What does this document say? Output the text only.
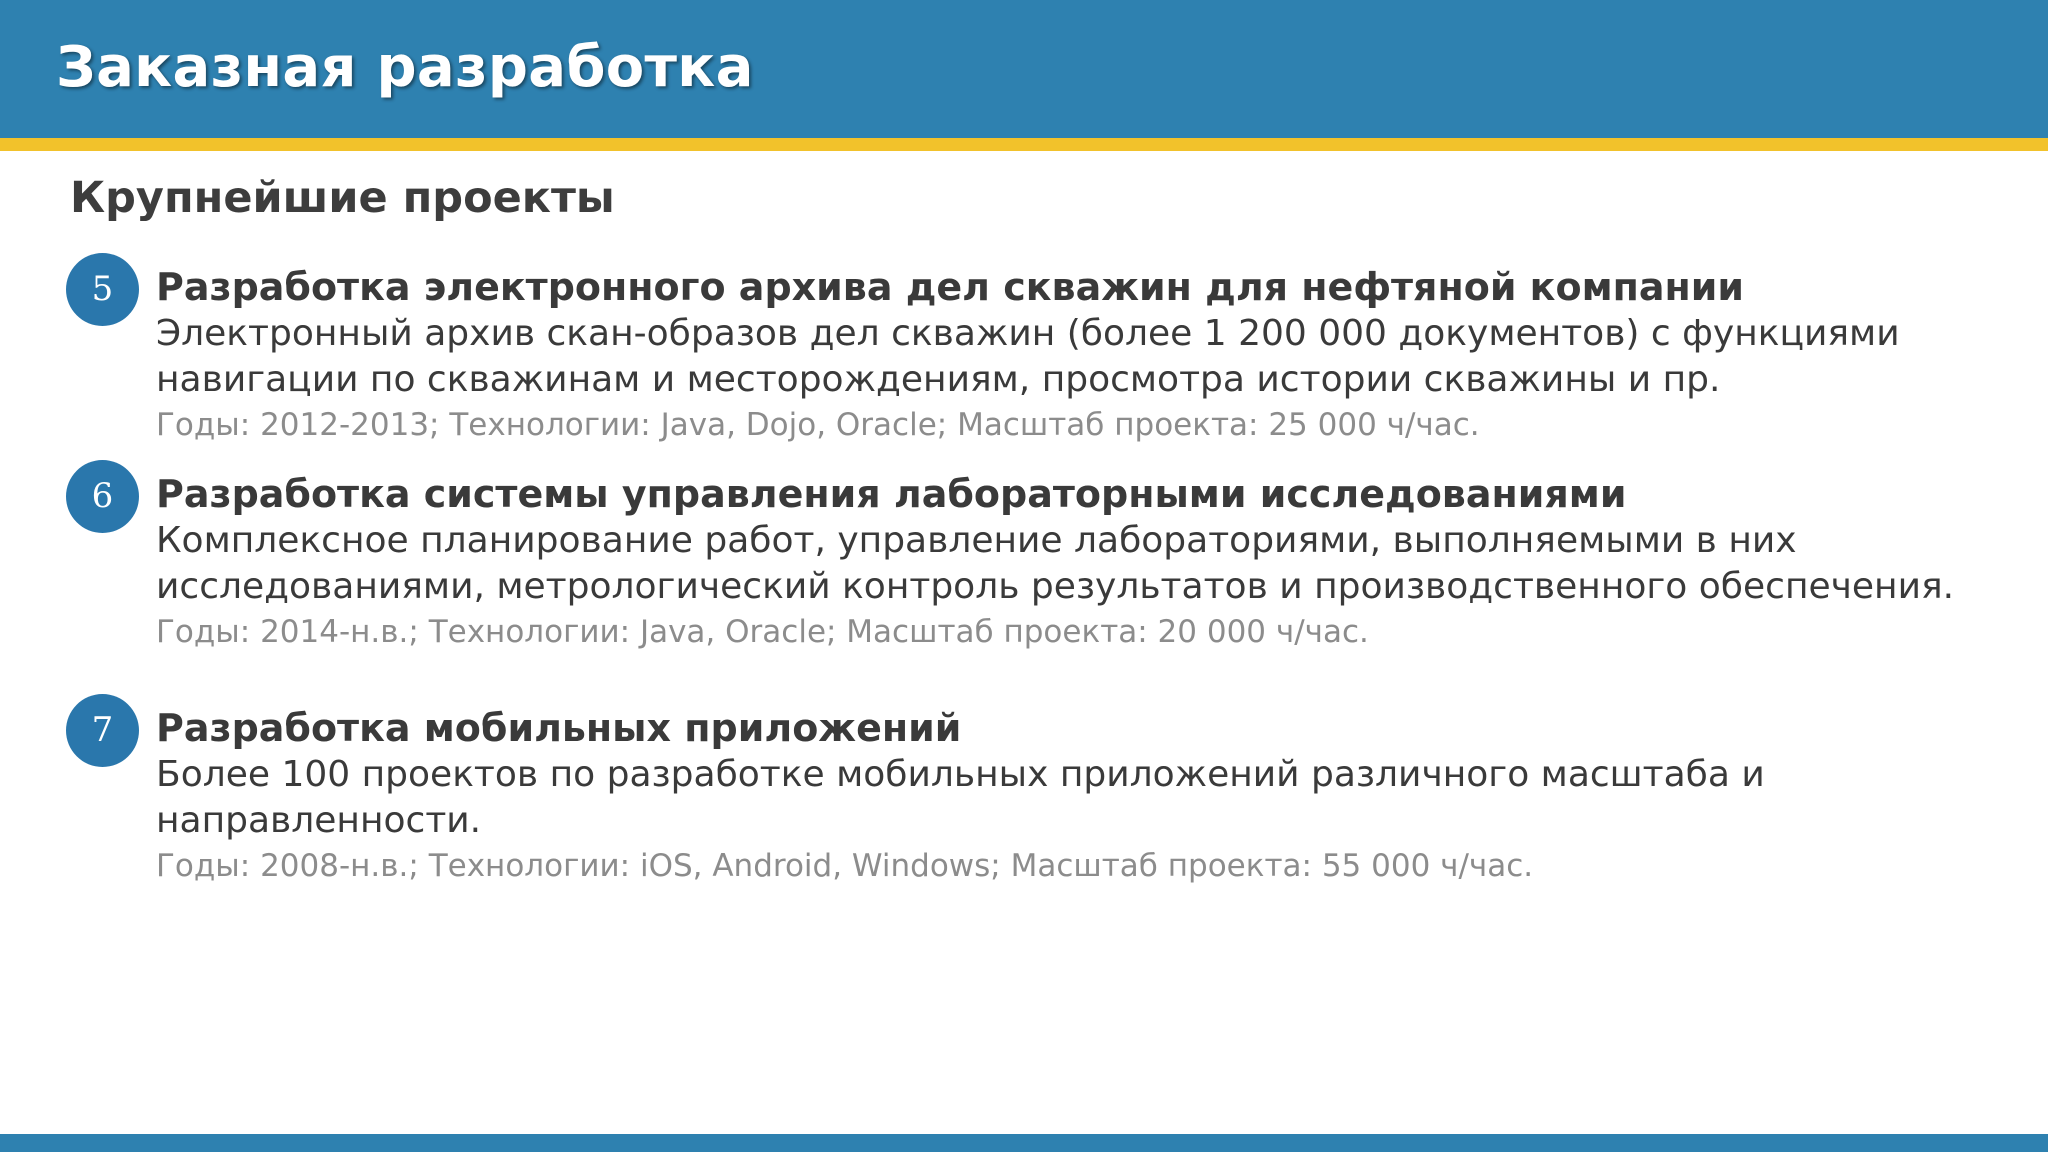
Заказная разработка
Крупнейшие проекты
5	Разработка электронного архива дел скважин для нефтяной компании
Электронный архив скан-образов дел скважин (более 1 200 000 документов) с функциями навигации по скважинам и месторождениям, просмотра истории скважины и пр.
Годы: 2012-2013; Технологии: Java, Dojo, Oracle; Масштаб проекта: 25 000 ч/час.
6	Разработка системы управления лабораторными исследованиями
Комплексное планирование работ, управление лабораториями, выполняемыми в них исследованиями, метрологический контроль результатов и производственного обеспечения.
Годы: 2014-н.в.; Технологии: Java, Oracle; Масштаб проекта: 20 000 ч/час.
7	Разработка мобильных приложений
Более 100 проектов по разработке мобильных приложений различного масштаба и направленности.
Годы: 2008-н.в.; Технологии: iOS, Android, Windows; Масштаб проекта: 55 000 ч/час.
